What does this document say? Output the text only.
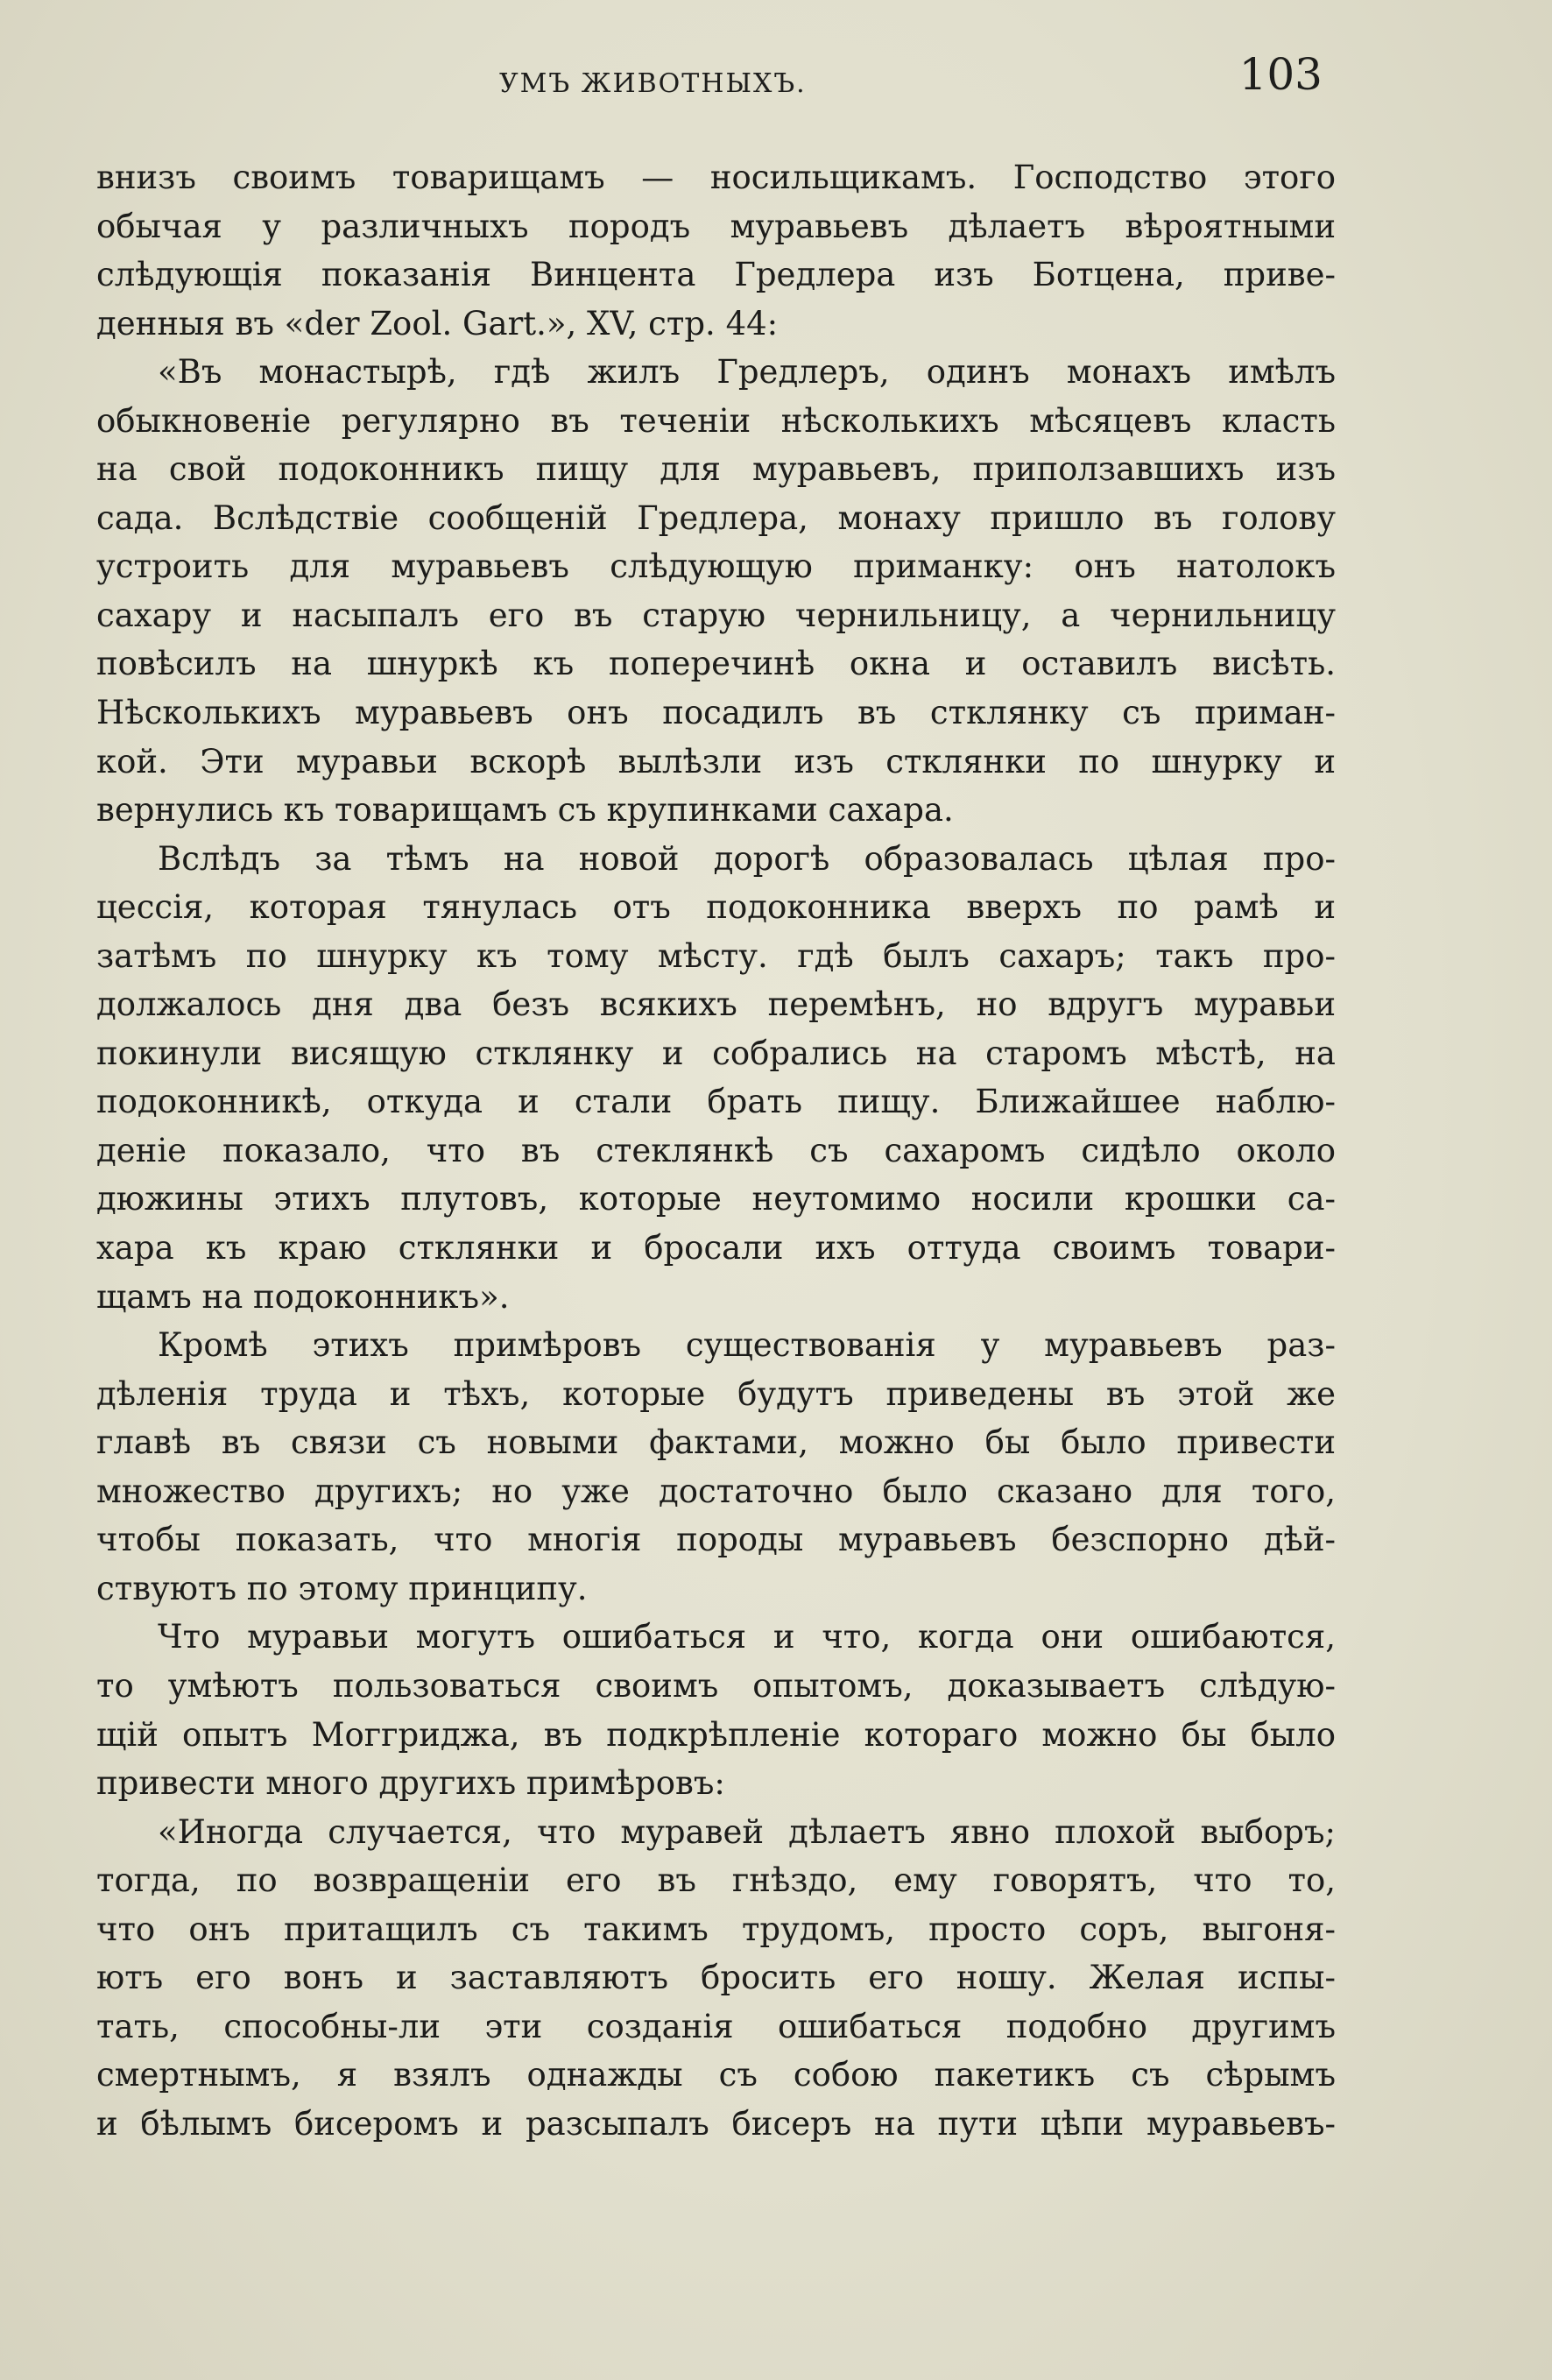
УМЪ ЖИВОТНЫХЪ.	103
внизъ своимъ товарищамъ — носильщикамъ. Господство этого
обычая у различныхъ породъ муравьевъ дѣлаетъ вѣроятными
слѣдующія показанія Винцента Гредлера изъ Ботцена, приве-
денныя въ «der Zool. Gart.», XV, стр. 44:
«Въ монастырѣ, гдѣ жилъ Гредлеръ, одинъ монахъ имѣлъ
обыкновеніе регулярно въ теченіи нѣсколькихъ мѣсяцевъ класть
на свой подоконникъ пищу для муравьевъ, приползавшихъ изъ
сада. Вслѣдствіе сообщеній Гредлера, монаху пришло въ голову
устроить для муравьевъ слѣдующую приманку: онъ натолокъ
сахару и насыпалъ его въ старую чернильницу, а чернильницу
повѣсилъ на шнуркѣ къ поперечинѣ окна и оставилъ висѣть.
Нѣсколькихъ муравьевъ онъ посадилъ въ стклянку съ приман-
кой. Эти муравьи вскорѣ вылѣзли изъ стклянки по шнурку и
вернулись къ товарищамъ съ крупинками сахара.
Вслѣдъ за тѣмъ на новой дорогѣ образовалась цѣлая про-
цессія, которая тянулась отъ подоконника вверхъ по рамѣ и
затѣмъ по шнурку къ тому мѣсту. гдѣ былъ сахаръ; такъ про-
должалось дня два безъ всякихъ перемѣнъ, но вдругъ муравьи
покинули висящую стклянку и собрались на старомъ мѣстѣ, на
подоконникѣ, откуда и стали брать пищу. Ближайшее наблю-
деніе показало, что въ стеклянкѣ съ сахаромъ сидѣло около
дюжины этихъ плутовъ, которые неутомимо носили крошки са-
хара къ краю стклянки и бросали ихъ оттуда своимъ товари-
щамъ на подоконникъ».
Кромѣ этихъ примѣровъ существованія у муравьевъ раз-
дѣленія труда и тѣхъ, которые будутъ приведены въ этой же
главѣ въ связи съ новыми фактами, можно бы было привести
множество другихъ; но уже достаточно было сказано для того,
чтобы показать, что многія породы муравьевъ безспорно дѣй-
ствуютъ по этому принципу.
Что муравьи могутъ ошибаться и что, когда они ошибаются,
то умѣютъ пользоваться своимъ опытомъ, доказываетъ слѣдую-
щій опытъ Моггриджа, въ подкрѣпленіе котораго можно бы было
привести много другихъ примѣровъ:
«Иногда случается, что муравей дѣлаетъ явно плохой выборъ;
тогда, по возвращеніи его въ гнѣздо, ему говорятъ, что то,
что онъ притащилъ съ такимъ трудомъ, просто соръ, выгоня-
ютъ его вонъ и заставляютъ бросить его ношу. Желая испы-
тать, способны-ли эти созданія ошибаться подобно другимъ
смертнымъ, я взялъ однажды съ собою пакетикъ съ сѣрымъ
и бѣлымъ бисеромъ и разсыпалъ бисеръ на пути цѣпи муравьевъ-
